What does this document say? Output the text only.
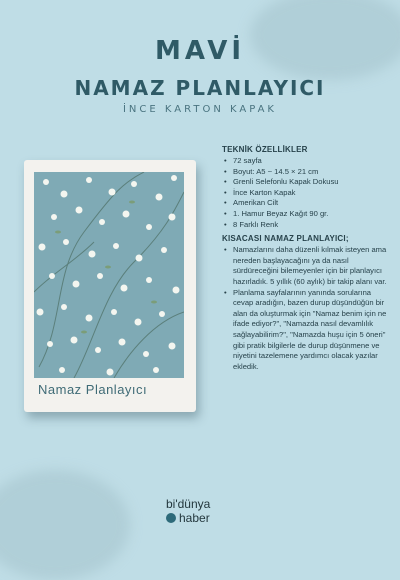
MAVİ
NAMAZ PLANLAYICI
İNCE KARTON KAPAK
Namaz Planlayıcı
TEKNİK ÖZELLİKLER
• 72 sayfa
• Boyut: A5 ~ 14.5 × 21 cm
• Grenli Selefonlu Kapak Dokusu
• İnce Karton Kapak
• Amerikan Cilt
• 1. Hamur Beyaz Kağıt 90 gr.
• 8 Farklı Renk
KISACASI NAMAZ PLANLAYICI;
• Namazlarını daha düzenli kılmak isteyen ama nereden başlayacağını ya da nasıl sürdüreceğini bilemeyenler için bir planlayıcı hazırladık. 5 yıllık (60 aylık) bir takip alanı var.
• Planlama sayfalarının yanında sorularına cevap aradığın, bazen durup düşündüğün bir alan da oluşturmak için "Namaz benim için ne ifade ediyor?", "Namazda nasıl devamlılık sağlayabilirim?", "Namazda huşu için 5 öneri" gibi pratik bilgilerle de durup düşünmene ve niyetini tazelemene yardımcı olacak yazılar ekledik.
bi'dünya
haber
